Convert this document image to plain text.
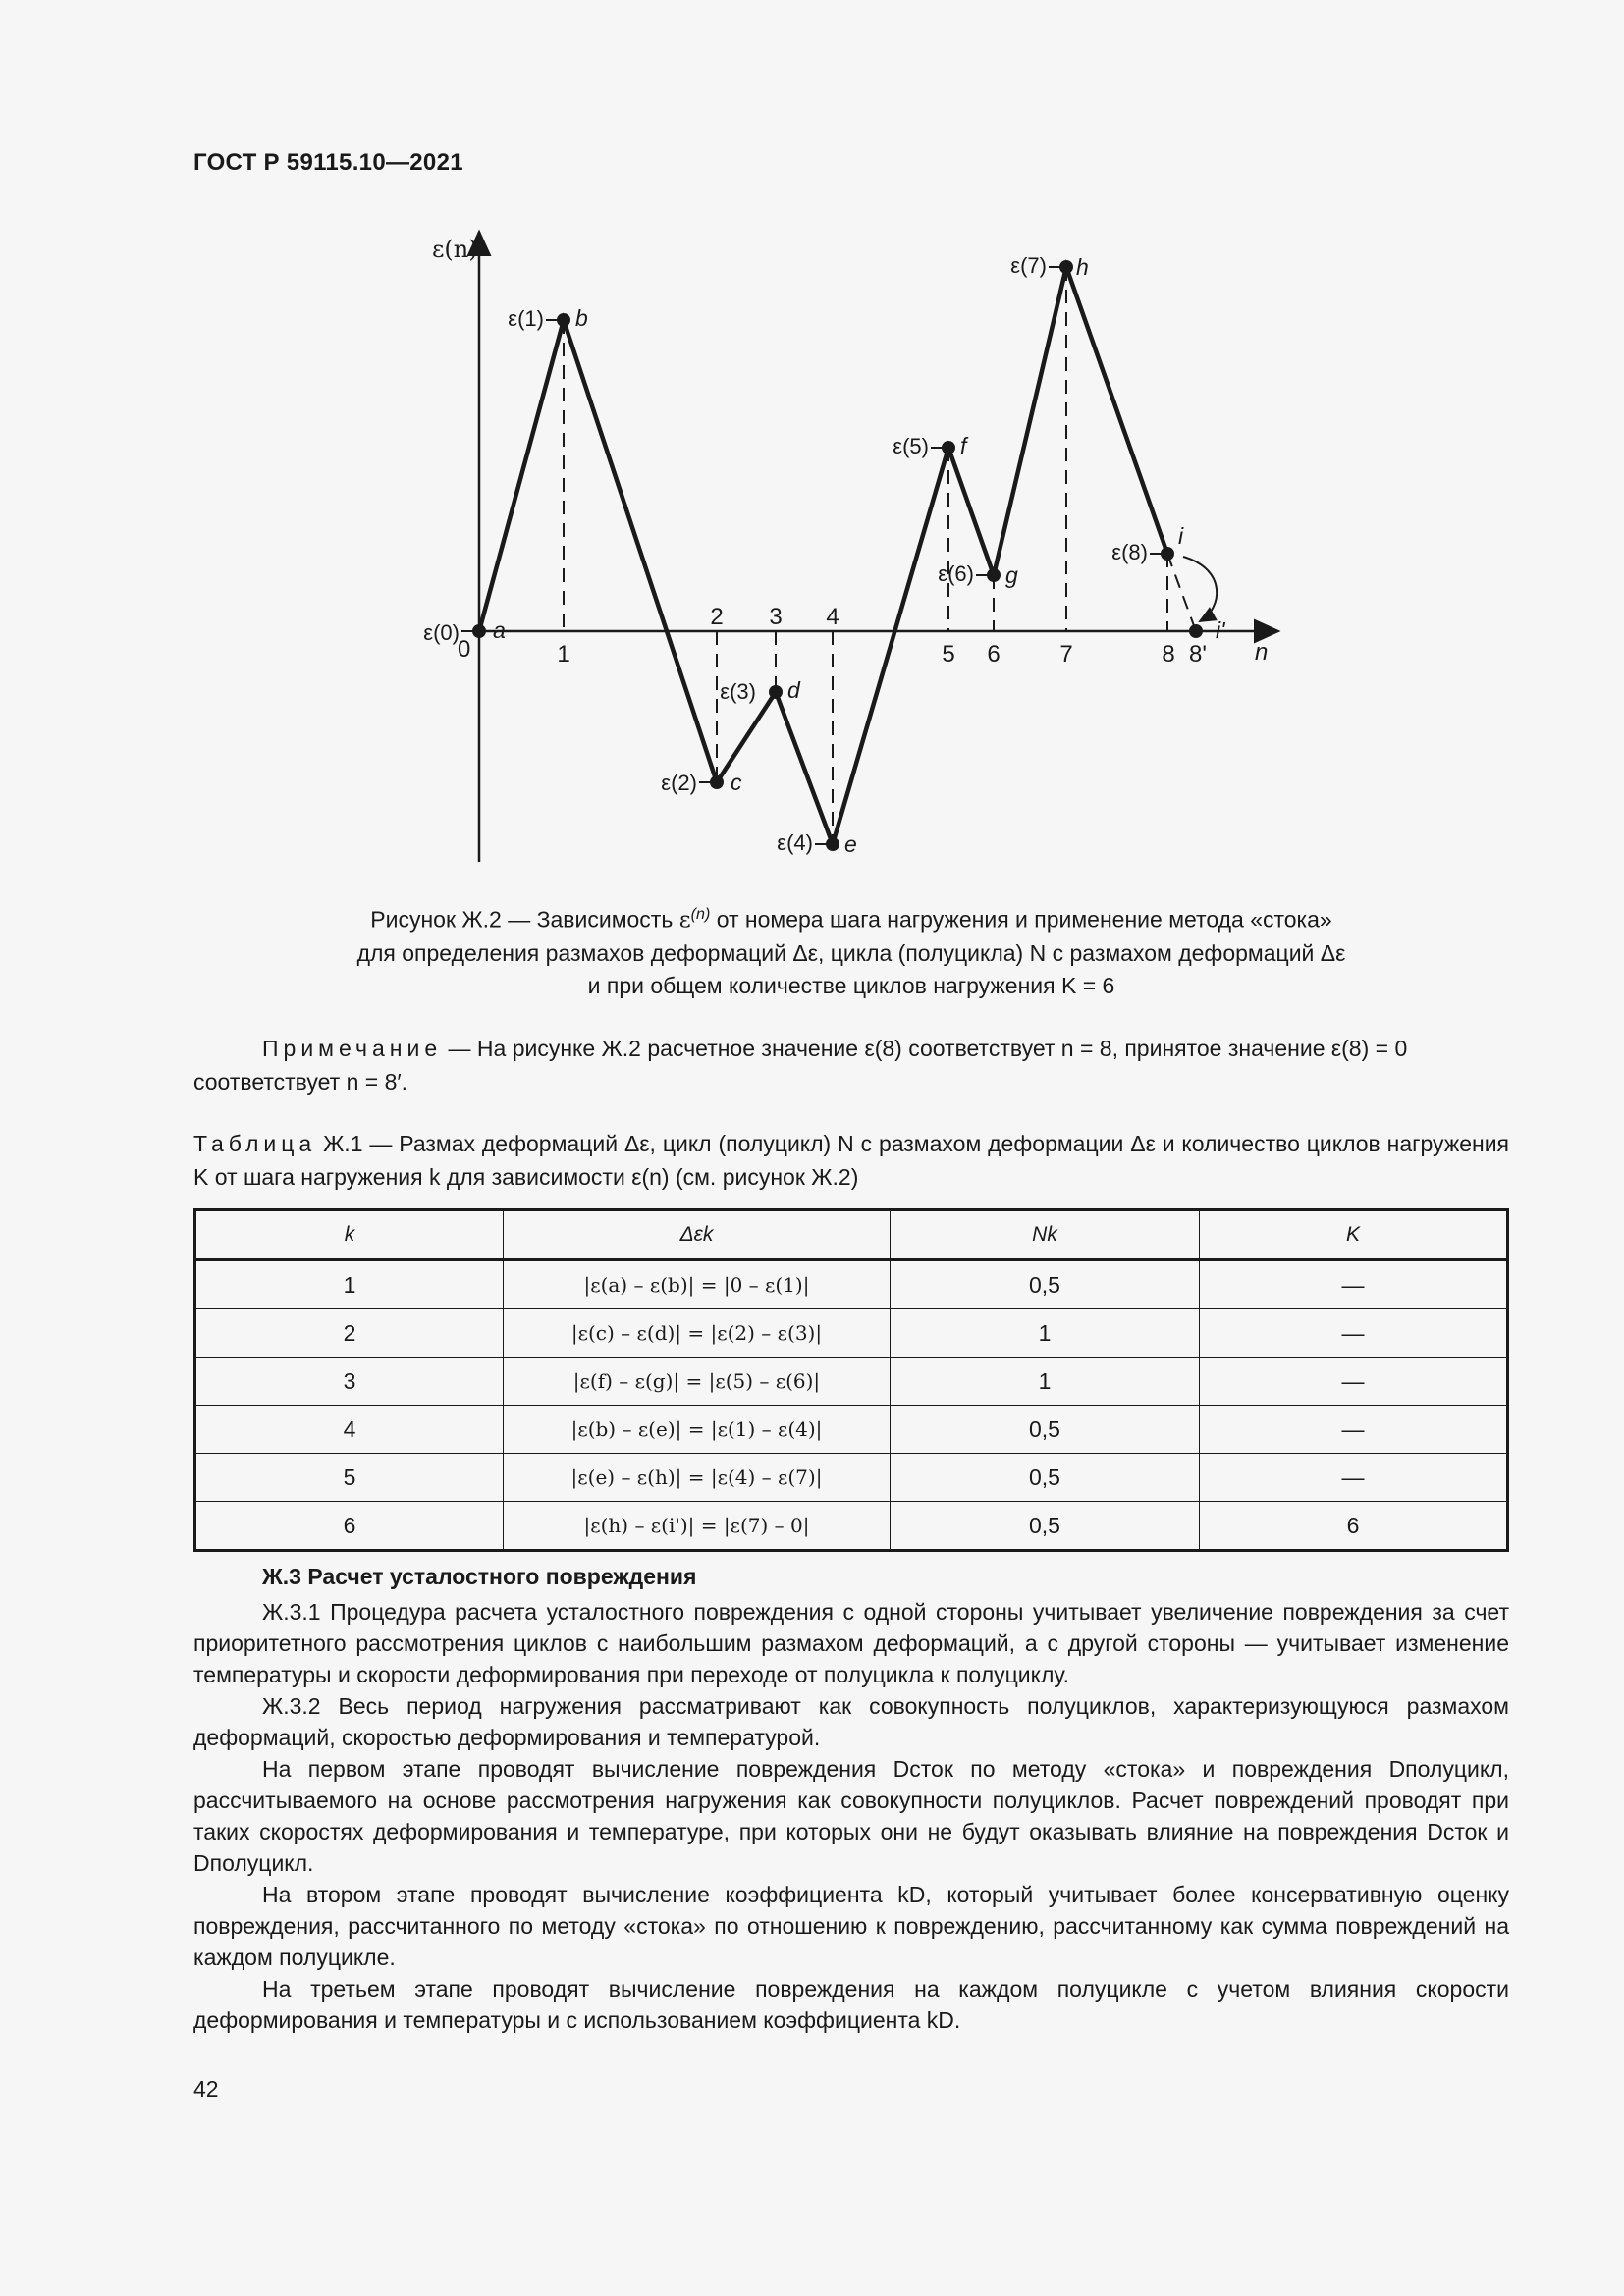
ГОСТ Р 59115.10—2021
ε(n)
n
0	1	5 6	7	8 8'
2 3 4
a
b
c
d
e
f
g
h
i
i'
ε(0)
ε(1)
ε(2)
ε(3)
ε(4)
ε(5)
ε(6)
ε(7)
ε(8)
Рисунок Ж.2 — Зависимость $\varepsilon^{(n)}$ от номера шага нагружения и применение метода «стока»
для определения размахов деформаций Δε, цикла (полуцикла) N с размахом деформаций Δε
и при общем количестве циклов нагружения K = 6
Примечание — На рисунке Ж.2 расчетное значение ε(8) соответствует n = 8, принятое значение ε(8) = 0 соответствует n = 8′.
Таблица Ж.1 — Размах деформаций Δε, цикл (полуцикл) N с размахом деформации Δε и количество циклов нагружения K от шага нагружения k для зависимости ε(n) (см. рисунок Ж.2)
k	Δεk	Nk	K
1	|ε(a) – ε(b)| = |0 – ε(1)|	0,5	—
2	|ε(c) – ε(d)| = |ε(2) – ε(3)|	1	—
3	|ε(f) – ε(g)| = |ε(5) – ε(6)|	1	—
4	|ε(b) – ε(e)| = |ε(1) – ε(4)|	0,5	—
5	|ε(e) – ε(h)| = |ε(4) – ε(7)|	0,5	—
6	|ε(h) – ε(i')| = |ε(7) – 0|	0,5	6
Ж.3 Расчет усталостного повреждения

Ж.3.1 Процедура расчета усталостного повреждения с одной стороны учитывает увеличение повреждения за счет приоритетного рассмотрения циклов с наибольшим размахом деформаций, а с другой стороны — учитывает изменение температуры и скорости деформирования при переходе от полуцикла к полуциклу.

Ж.3.2 Весь период нагружения рассматривают как совокупность полуциклов, характеризующуюся размахом деформаций, скоростью деформирования и температурой.

На первом этапе проводят вычисление повреждения Dсток по методу «стока» и повреждения Dполуцикл, рассчитываемого на основе рассмотрения нагружения как совокупности полуциклов. Расчет повреждений проводят при таких скоростях деформирования и температуре, при которых они не будут оказывать влияние на повреждения Dсток и Dполуцикл.

На втором этапе проводят вычисление коэффициента kD, который учитывает более консервативную оценку повреждения, рассчитанного по методу «стока» по отношению к повреждению, рассчитанному как сумма повреждений на каждом полуцикле.

На третьем этапе проводят вычисление повреждения на каждом полуцикле с учетом влияния скорости деформирования и температуры и с использованием коэффициента kD.

42
